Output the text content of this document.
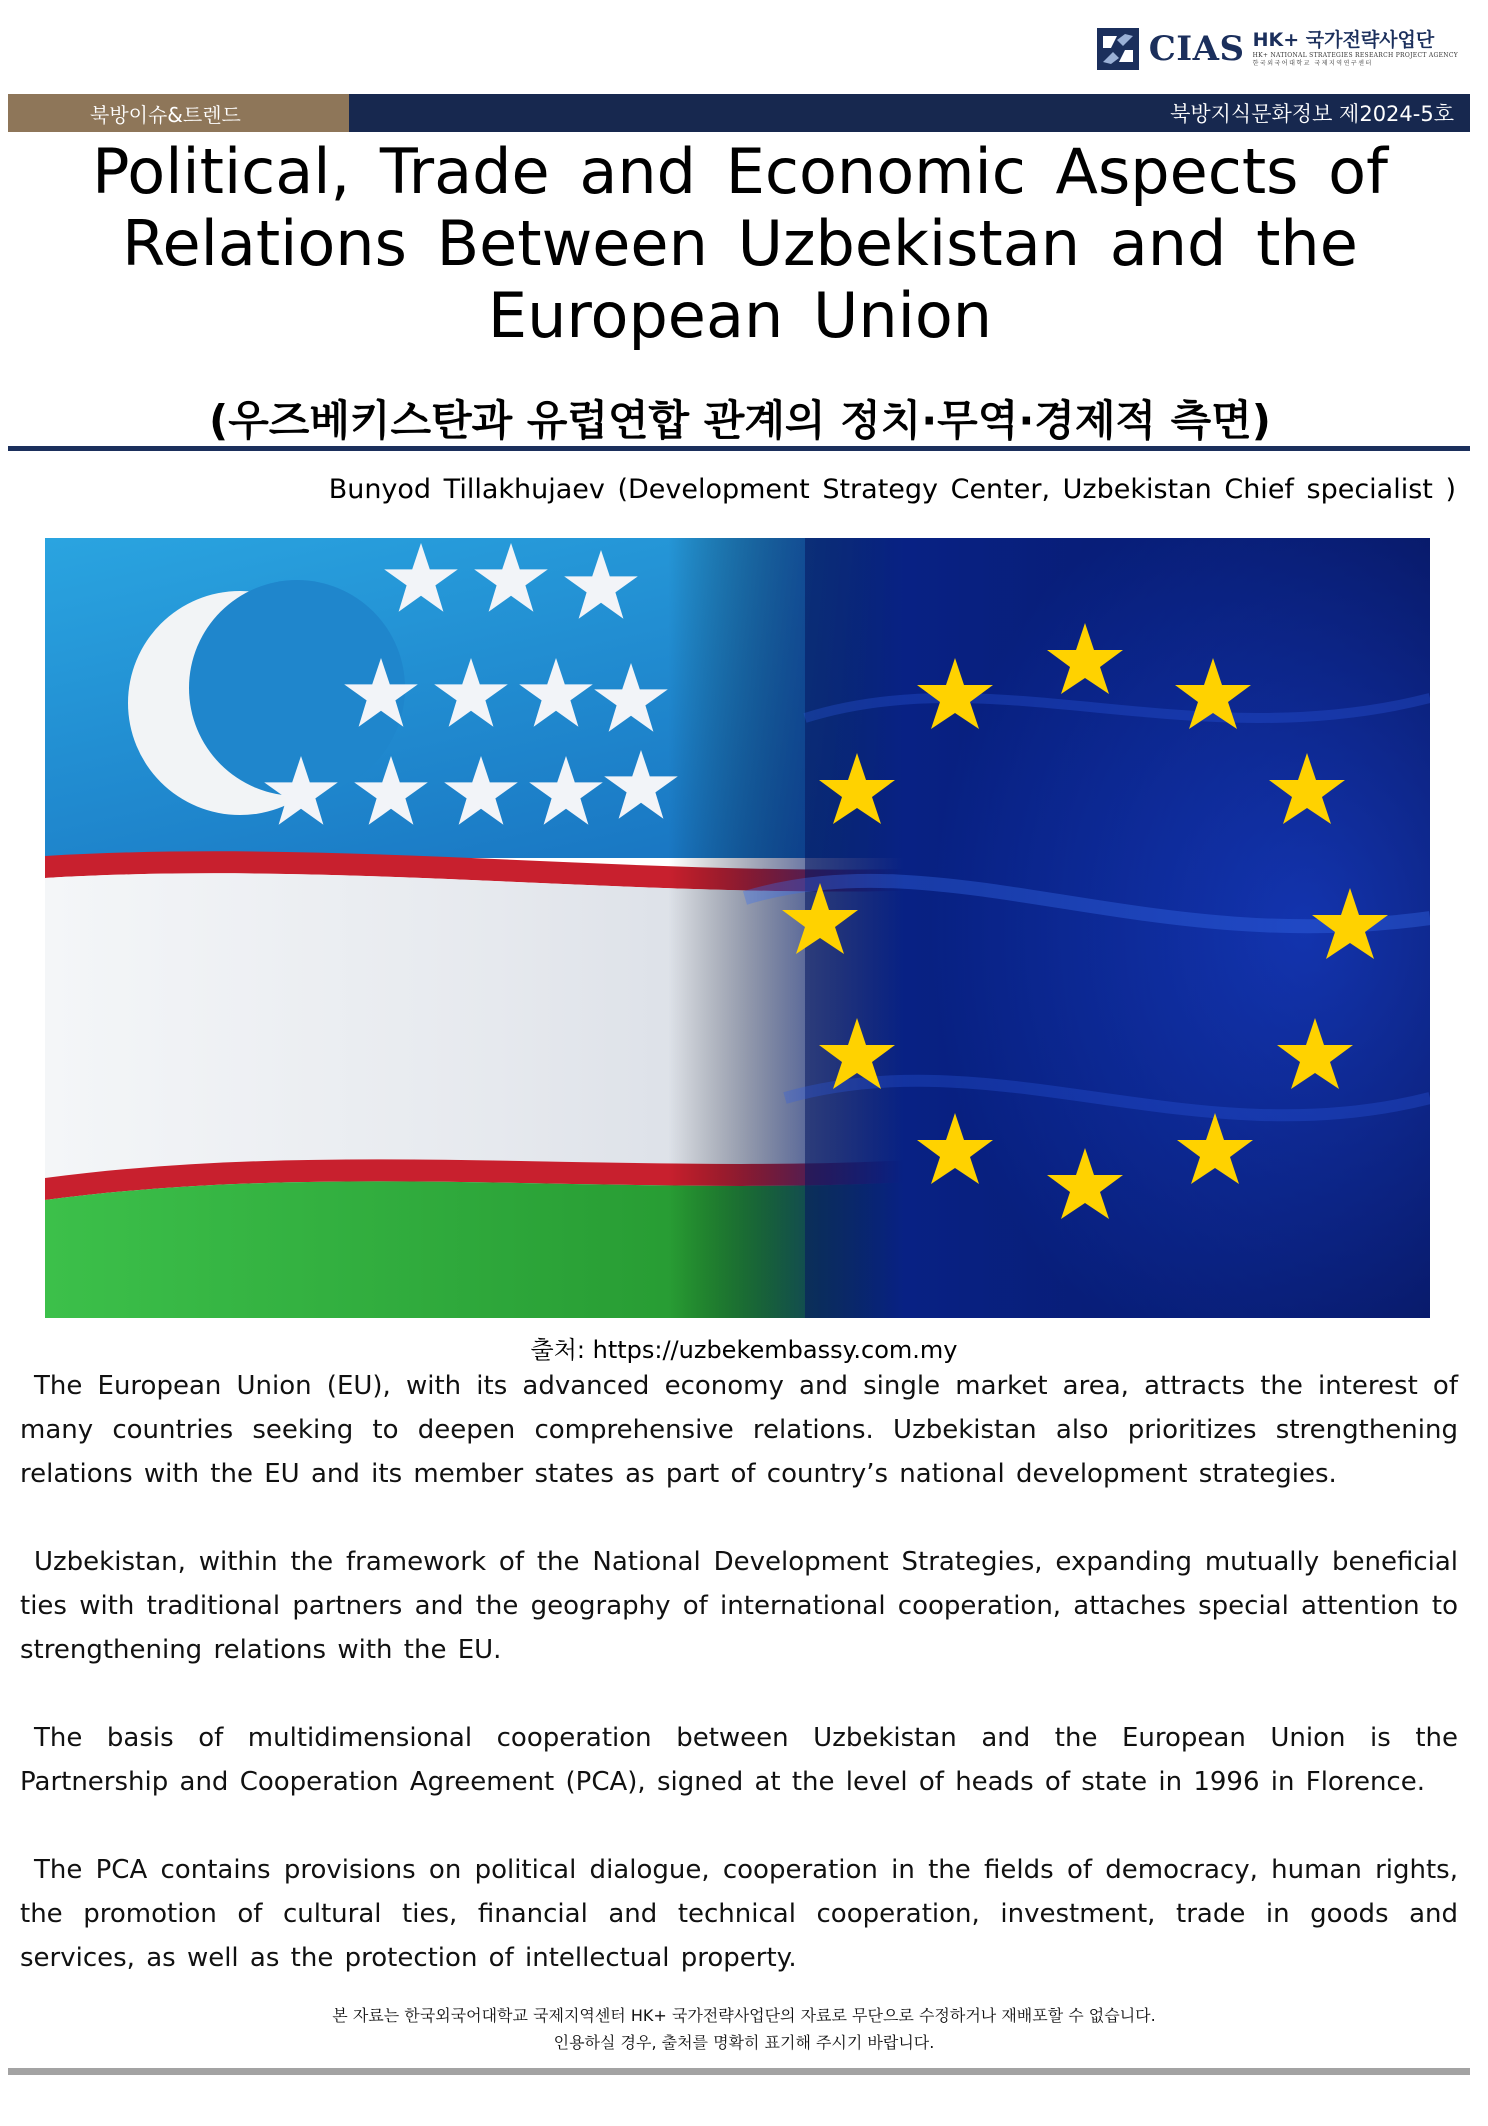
CIAS HK+ 국가전략사업단
HK+ NATIONAL STRATEGIES RESEARCH PROJECT AGENCY
한국외국어대학교 국제지역연구센터
북방이슈&트렌드	북방지식문화정보 제2024-5호
Political, Trade and Economic Aspects of Relations Between Uzbekistan and the European Union
(우즈베키스탄과 유럽연합 관계의 정치·무역·경제적 측면)
Bunyod Tillakhujaev (Development Strategy Center, Uzbekistan Chief specialist )
출처: https://uzbekembassy.com.my

The European Union (EU), with its advanced economy and single market area, attracts the interest of many countries seeking to deepen comprehensive relations. Uzbekistan also prioritizes strengthening relations with the EU and its member states as part of country’s national development strategies.

Uzbekistan, within the framework of the National Development Strategies, expanding mutually beneficial ties with traditional partners and the geography of international cooperation, attaches special attention to strengthening relations with the EU.

The basis of multidimensional cooperation between Uzbekistan and the European Union is the Partnership and Cooperation Agreement (PCA), signed at the level of heads of state in 1996 in Florence.

The PCA contains provisions on political dialogue, cooperation in the fields of democracy, human rights, the promotion of cultural ties, financial and technical cooperation, investment, trade in goods and services, as well as the protection of intellectual property.

본 자료는 한국외국어대학교 국제지역센터 HK+ 국가전략사업단의 자료로 무단으로 수정하거나 재배포할 수 없습니다.
인용하실 경우, 출처를 명확히 표기해 주시기 바랍니다.
